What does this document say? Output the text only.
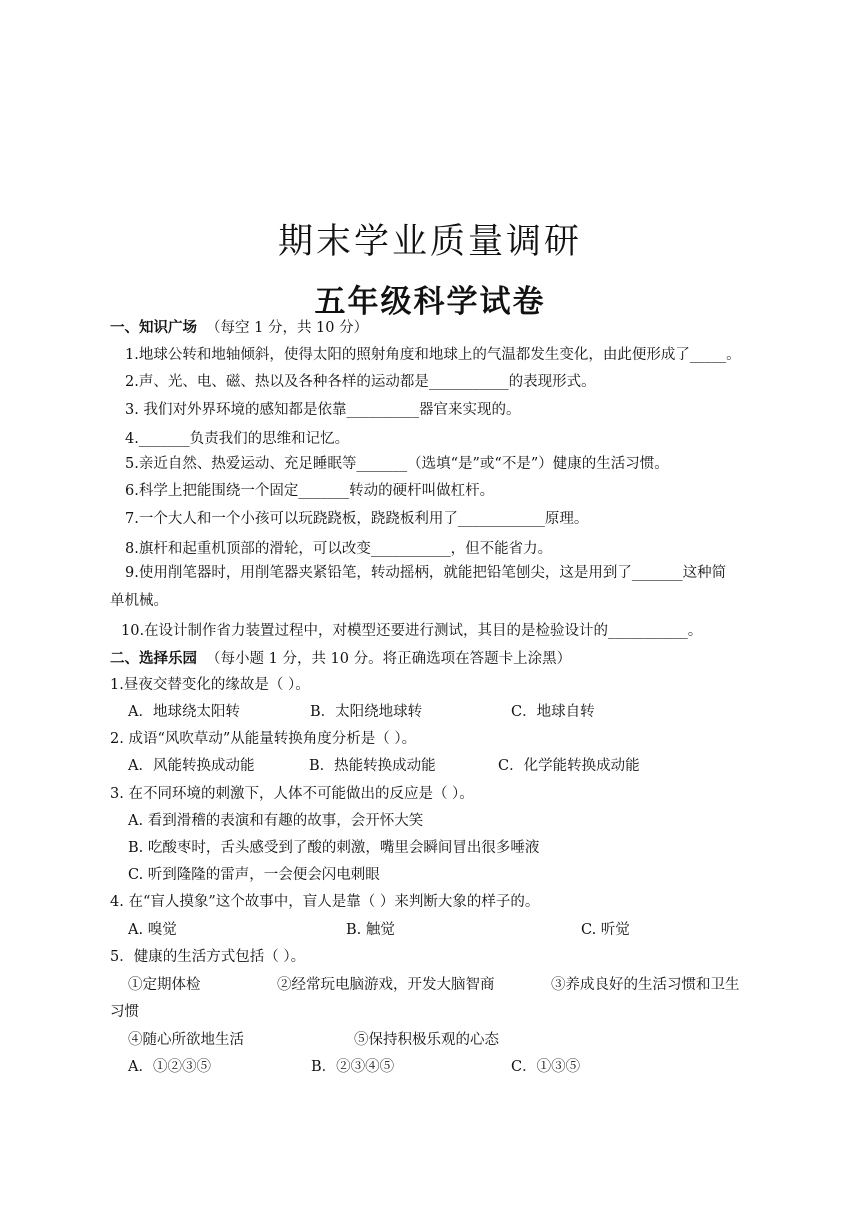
期末学业质量调研
五年级科学试卷
一、知识广场 （每空 1 分，共 10 分）
1.地球公转和地轴倾斜，使得太阳的照射角度和地球上的气温都发生变化，由此便形成了_____。
2.声、光、电、磁、热以及各种各样的运动都是___________的表现形式。
3. 我们对外界环境的感知都是依靠__________器官来实现的。
4._______负责我们的思维和记忆。
5.亲近自然、热爱运动、充足睡眠等_______（选填“是”或“不是”）健康的生活习惯。
6.科学上把能围绕一个固定_______转动的硬杆叫做杠杆。
7.一个大人和一个小孩可以玩跷跷板，跷跷板利用了____________原理。
8.旗杆和起重机顶部的滑轮，可以改变___________，但不能省力。
9.使用削笔器时，用削笔器夹紧铅笔，转动摇柄，就能把铅笔刨尖，这是用到了_______这种简
单机械。
10.在设计制作省力装置过程中，对模型还要进行测试，其目的是检验设计的___________。
二、选择乐园 （每小题 1 分，共 10 分。将正确选项在答题卡上涂黑）
1.昼夜交替变化的缘故是（ ）。
A．地球绕太阳转	B．太阳绕地球转	C．地球自转
2. 成语“风吹草动”从能量转换角度分析是（ ）。
A．风能转换成动能	B．热能转换成动能	C．化学能转换成动能
3. 在不同环境的刺激下，人体不可能做出的反应是（ ）。
A. 看到滑稽的表演和有趣的故事，会开怀大笑
B. 吃酸枣时，舌头感受到了酸的刺激，嘴里会瞬间冒出很多唾液
C. 听到隆隆的雷声，一会便会闪电刺眼
4. 在“盲人摸象”这个故事中，盲人是靠（ ）来判断大象的样子的。
A. 嗅觉	B. 触觉	C. 听觉
5．健康的生活方式包括（ ）。
①定期体检	②经常玩电脑游戏，开发大脑智商	③养成良好的生活习惯和卫生
习惯
④随心所欲地生活	⑤保持积极乐观的心态
A．①②③⑤	B．②③④⑤	C．①③⑤
